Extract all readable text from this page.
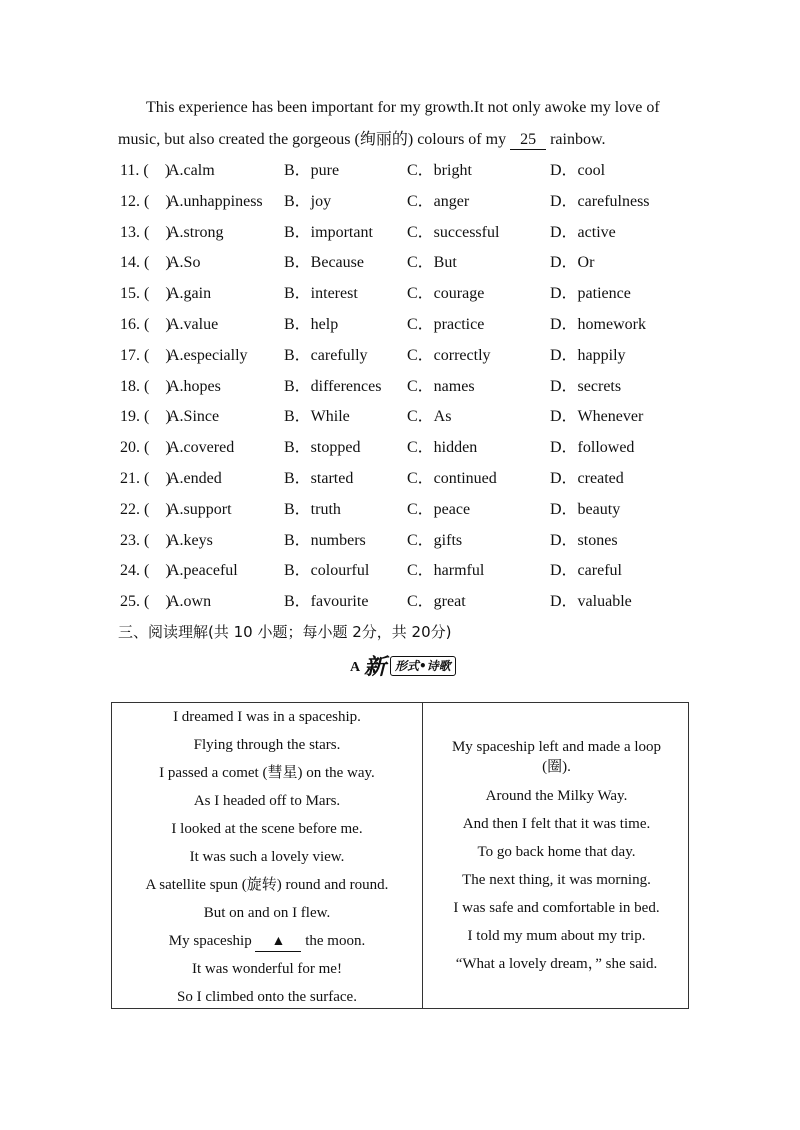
This experience has been important for my growth.It not only awoke my love of
music, but also created the gorgeous (绚丽的) colours of my 25 rainbow.
11. (　)
A.calm	B．pure	C．bright	D．cool
12. (　)
A.unhappiness B．joy	C．anger	D．carefulness
13. (　)
A.strong	B．important C．successful	D．active
14. (　)
A.So	B．Because	C．But	D．Or
15. (　)
A.gain	B．interest	C．courage	D．patience
16. (　)
A.value	B．help	C．practice	D．homework
17. (　)
A.especially B．carefully C．correctly	D．happily
18. (　)
A.hopes	B．differences C．names	D．secrets
19. (　)
A.Since	B．While	C．As	D．Whenever
20. (　)
A.covered	B．stopped	C．hidden	D．followed
21. (　)
A.ended	B．started	C．continued	D．created
22. (　)
A.support	B．truth	C．peace	D．beauty
23. (　)
A.keys	B．numbers	C．gifts	D．stones
24. (　)
A.peaceful	B．colourful C．harmful	D．careful
25. (　)
A.own	B．favourite C．great	D．valuable
三、阅读理解(共 10 小题；每小题 2分，共 20分)
A 新 形式•诗歌
I dreamed I was in a spaceship.
Flying through the stars.
I passed a comet (彗星) on the way.
As I headed off to Mars.
I looked at the scene before me.
It was such a lovely view.
A satellite spun (旋转) round and round.
But on and on I flew.
My spaceship ▲ the moon.
It was wonderful for me!
So I climbed onto the surface.
My spaceship left and made a loop
(圈).
Around the Milky Way.
And then I felt that it was time.
To go back home that day.
The next thing, it was morning.
I was safe and comfortable in bed.
I told my mum about my trip.
“What a lovely dream，” she said.
